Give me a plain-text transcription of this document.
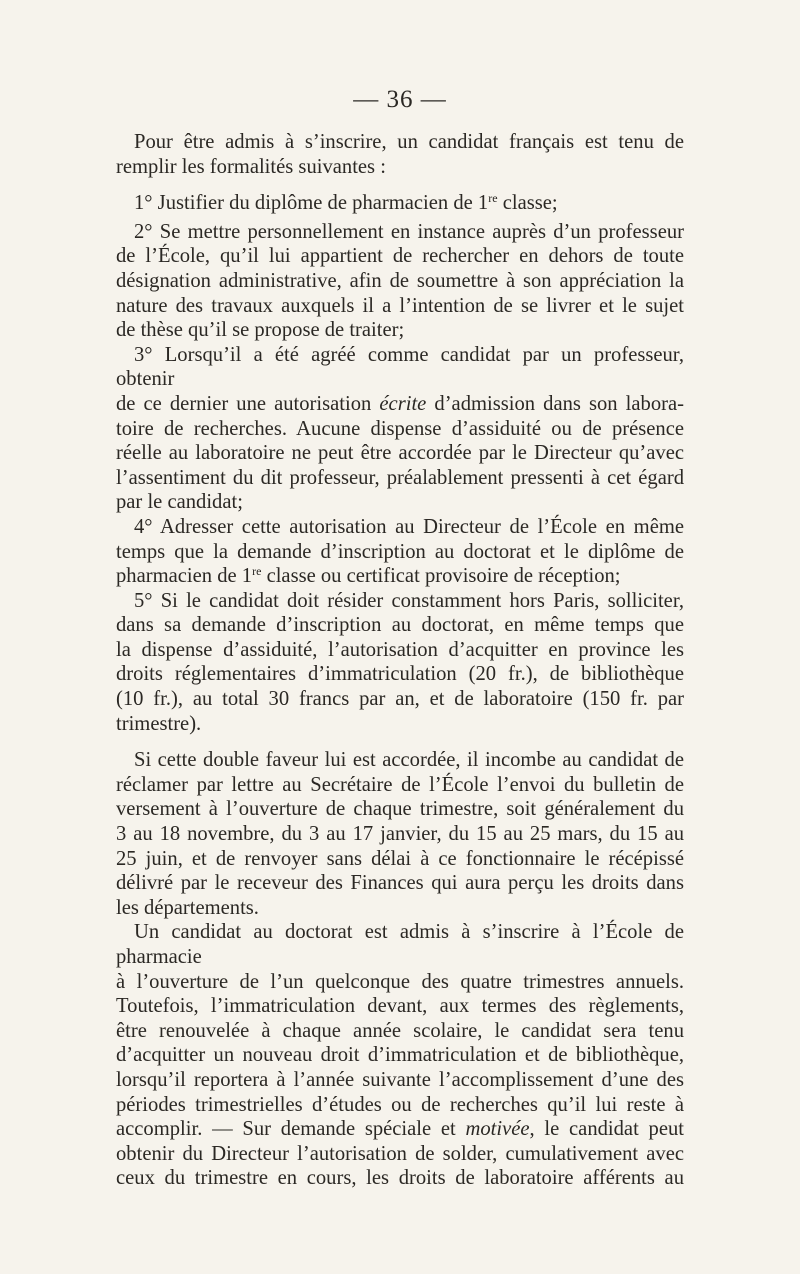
— 36 —

Pour être admis à s’inscrire, un candidat français est tenu de
remplir les formalités suivantes :

1° Justifier du diplôme de pharmacien de 1re classe;

2° Se mettre personnellement en instance auprès d’un professeur
de l’École, qu’il lui appartient de rechercher en dehors de toute
désignation administrative, afin de soumettre à son appréciation la
nature des travaux auxquels il a l’intention de se livrer et le sujet
de thèse qu’il se propose de traiter;

3° Lorsqu’il a été agréé comme candidat par un professeur, obtenir
de ce dernier une autorisation écrite d’admission dans son labora-
toire de recherches. Aucune dispense d’assiduité ou de présence
réelle au laboratoire ne peut être accordée par le Directeur qu’avec
l’assentiment du dit professeur, préalablement pressenti à cet égard
par le candidat;

4° Adresser cette autorisation au Directeur de l’École en même
temps que la demande d’inscription au doctorat et le diplôme de
pharmacien de 1re classe ou certificat provisoire de réception;

5° Si le candidat doit résider constamment hors Paris, solliciter,
dans sa demande d’inscription au doctorat, en même temps que
la dispense d’assiduité, l’autorisation d’acquitter en province les
droits réglementaires d’immatriculation (20 fr.), de bibliothèque
(10 fr.), au total 30 francs par an, et de laboratoire (150 fr. par
trimestre).

Si cette double faveur lui est accordée, il incombe au candidat de
réclamer par lettre au Secrétaire de l’École l’envoi du bulletin de
versement à l’ouverture de chaque trimestre, soit généralement du
3 au 18 novembre, du 3 au 17 janvier, du 15 au 25 mars, du 15 au
25 juin, et de renvoyer sans délai à ce fonctionnaire le récépissé
délivré par le receveur des Finances qui aura perçu les droits dans
les départements.

Un candidat au doctorat est admis à s’inscrire à l’École de pharmacie
à l’ouverture de l’un quelconque des quatre trimestres annuels.
Toutefois, l’immatriculation devant, aux termes des règlements,
être renouvelée à chaque année scolaire, le candidat sera tenu
d’acquitter un nouveau droit d’immatriculation et de bibliothèque,
lorsqu’il reportera à l’année suivante l’accomplissement d’une des
périodes trimestrielles d’études ou de recherches qu’il lui reste à
accomplir. — Sur demande spéciale et motivée, le candidat peut
obtenir du Directeur l’autorisation de solder, cumulativement avec
ceux du trimestre en cours, les droits de laboratoire afférents au
